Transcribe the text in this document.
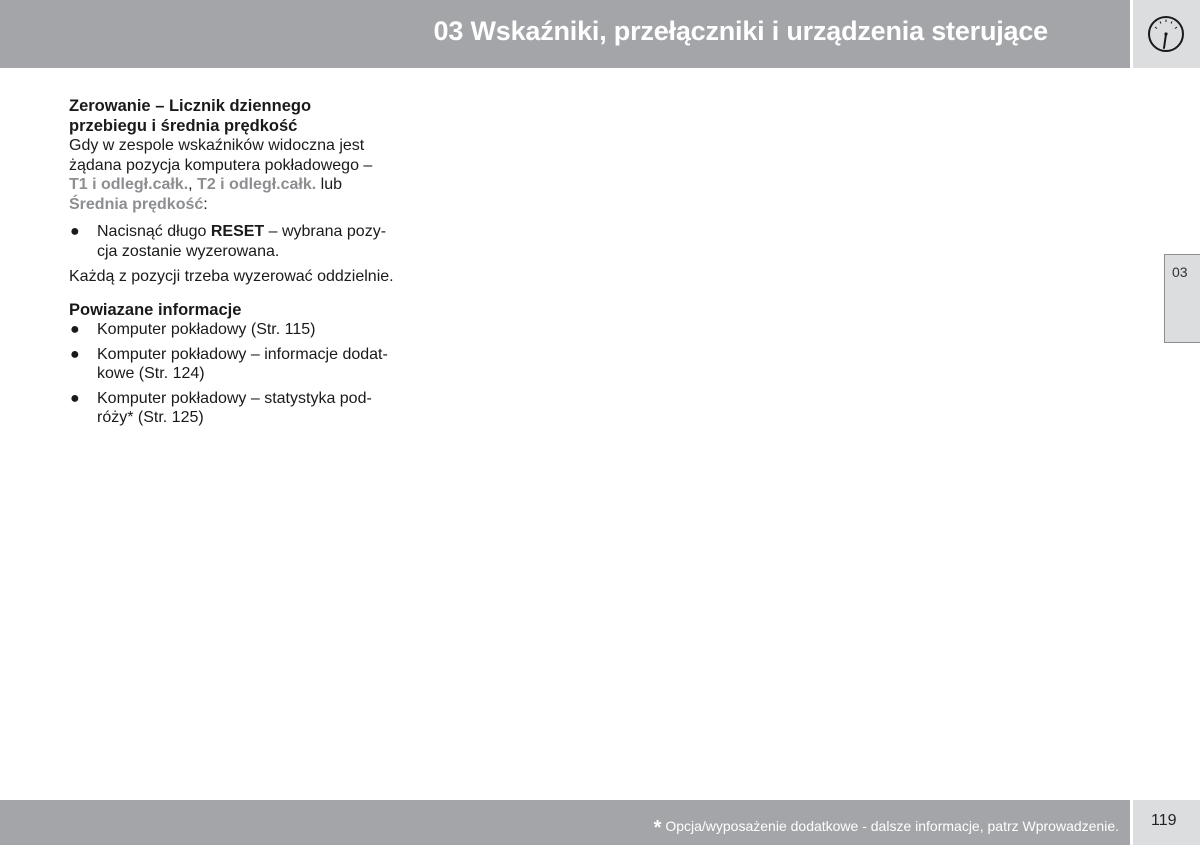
03 Wskaźniki, przełączniki i urządzenia sterujące
03

Zerowanie – Licznik dziennego

przebiegu i średnia prędkość

Gdy w zespole wskaźników widoczna jest

żądana pozycja komputera pokładowego –

T1 i odległ.całk., T2 i odległ.całk. lub

Średnia prędkość:

● Nacisnąć długo RESET – wybrana pozy-

cja zostanie wyzerowana.

Każdą z pozycji trzeba wyzerować oddzielnie.

Powiazane informacje

● Komputer pokładowy (Str. 115)

● Komputer pokładowy – informacje dodat-

kowe (Str. 124)

● Komputer pokładowy – statystyka pod-

róży* (Str. 125)

* Opcja/wyposażenie dodatkowe - dalsze informacje, patrz Wprowadzenie. 119
